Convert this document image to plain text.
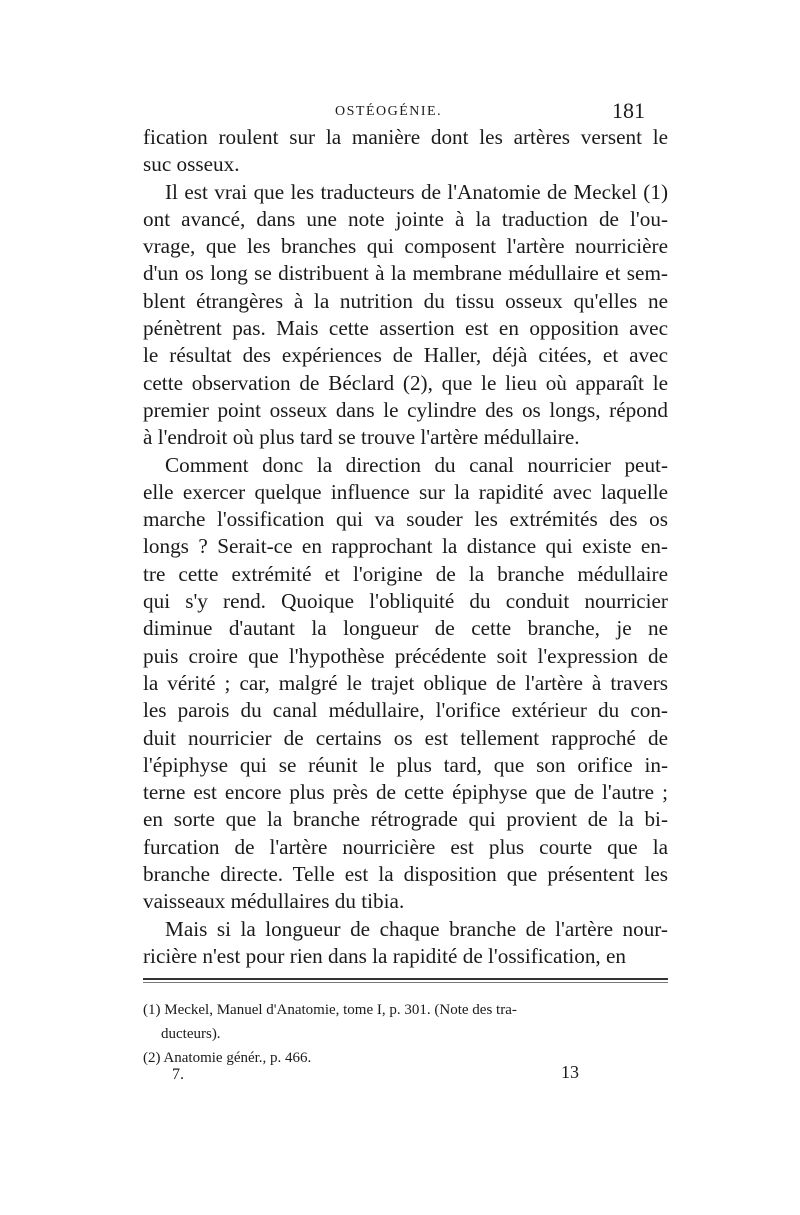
OSTÉOGÉNIE.	181
fication roulent sur la manière dont les artères versent le
suc osseux.
Il est vrai que les traducteurs de l'Anatomie de Meckel (1)
ont avancé, dans une note jointe à la traduction de l'ou-
vrage, que les branches qui composent l'artère nourricière
d'un os long se distribuent à la membrane médullaire et sem-
blent étrangères à la nutrition du tissu osseux qu'elles ne
pénètrent pas. Mais cette assertion est en opposition avec
le résultat des expériences de Haller, déjà citées, et avec
cette observation de Béclard (2), que le lieu où apparaît le
premier point osseux dans le cylindre des os longs, répond
à l'endroit où plus tard se trouve l'artère médullaire.
Comment donc la direction du canal nourricier peut-
elle exercer quelque influence sur la rapidité avec laquelle
marche l'ossification qui va souder les extrémités des os
longs ? Serait-ce en rapprochant la distance qui existe en-
tre cette extrémité et l'origine de la branche médullaire
qui s'y rend. Quoique l'obliquité du conduit nourricier
diminue d'autant la longueur de cette branche, je ne
puis croire que l'hypothèse précédente soit l'expression de
la vérité ; car, malgré le trajet oblique de l'artère à travers
les parois du canal médullaire, l'orifice extérieur du con-
duit nourricier de certains os est tellement rapproché de
l'épiphyse qui se réunit le plus tard, que son orifice in-
terne est encore plus près de cette épiphyse que de l'autre ;
en sorte que la branche rétrograde qui provient de la bi-
furcation de l'artère nourricière est plus courte que la
branche directe. Telle est la disposition que présentent les
vaisseaux médullaires du tibia.
Mais si la longueur de chaque branche de l'artère nour-
ricière n'est pour rien dans la rapidité de l'ossification, en
(1) Meckel, Manuel d'Anatomie, tome I, p. 301. (Note des tra-
ducteurs).
(2) Anatomie génér., p. 466.
7.	13
